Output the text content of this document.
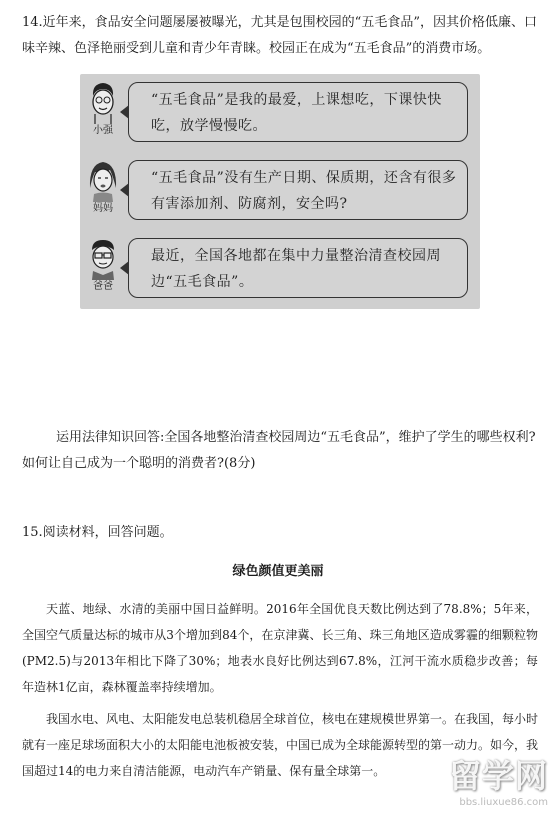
14.近年来，食品安全问题屡屡被曝光，尤其是包围校园的“五毛食品”，因其价格低廉、口味辛辣、色泽艳丽受到儿童和青少年青睐。校园正在成为“五毛食品”的消费市场。

小强
“五毛食品”是我的最爱，上课想吃，下课快快吃，放学慢慢吃。
妈妈
“五毛食品”没有生产日期、保质期，还含有很多有害添加剂、防腐剂，安全吗?
爸爸
最近，全国各地都在集中力量整治清查校园周边“五毛食品”。

运用法律知识回答:全国各地整治清查校园周边“五毛食品”，维护了学生的哪些权利?如何让自己成为一个聪明的消费者?(8分)

15.阅读材料，回答问题。

绿色颜值更美丽

天蓝、地绿、水清的美丽中国日益鲜明。2016年全国优良天数比例达到了78.8%；5年来，全国空气质量达标的城市从3个增加到84个，在京津冀、长三角、珠三角地区造成雾霾的细颗粒物(PM2.5)与2013年相比下降了30%；地表水良好比例达到67.8%，江河干流水质稳步改善；每年造林1亿亩，森林覆盖率持续增加。

我国水电、风电、太阳能发电总装机稳居全球首位，核电在建规模世界第一。在我国，每小时就有一座足球场面积大小的太阳能电池板被安装，中国已成为全球能源转型的第一动力。如今，我国超过14的电力来自清洁能源，电动汽车产销量、保有量全球第一。	留学网
bbs.liuxue86.com
